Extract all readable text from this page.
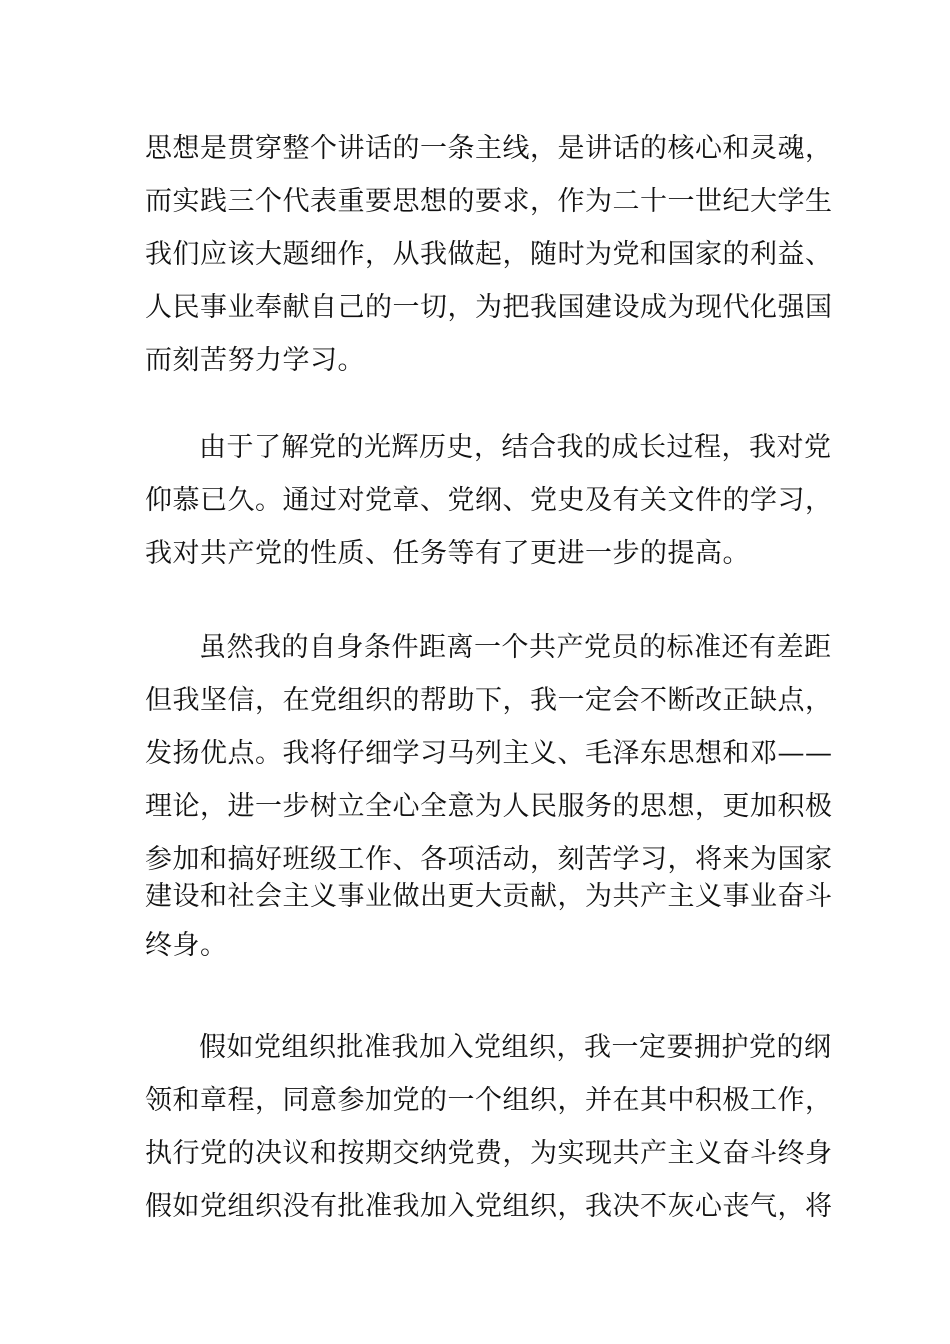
思想是贯穿整个讲话的一条主线，是讲话的核心和灵魂，
而实践三个代表重要思想的要求，作为二十一世纪大学生
我们应该大题细作，从我做起，随时为党和国家的利益、
人民事业奉献自己的一切，为把我国建设成为现代化强国
而刻苦努力学习。
由于了解党的光辉历史，结合我的成长过程，我对党
仰慕已久。通过对党章、党纲、党史及有关文件的学习，
我对共产党的性质、任务等有了更进一步的提高。
虽然我的自身条件距离一个共产党员的标准还有差距
但我坚信，在党组织的帮助下，我一定会不断改正缺点，
发扬优点。我将仔细学习马列主义、毛泽东思想和邓——
理论，进一步树立全心全意为人民服务的思想，更加积极
参加和搞好班级工作、各项活动，刻苦学习，将来为国家
建设和社会主义事业做出更大贡献，为共产主义事业奋斗
终身。
假如党组织批准我加入党组织，我一定要拥护党的纲
领和章程，同意参加党的一个组织，并在其中积极工作，
执行党的决议和按期交纳党费，为实现共产主义奋斗终身
假如党组织没有批准我加入党组织，我决不灰心丧气，将
